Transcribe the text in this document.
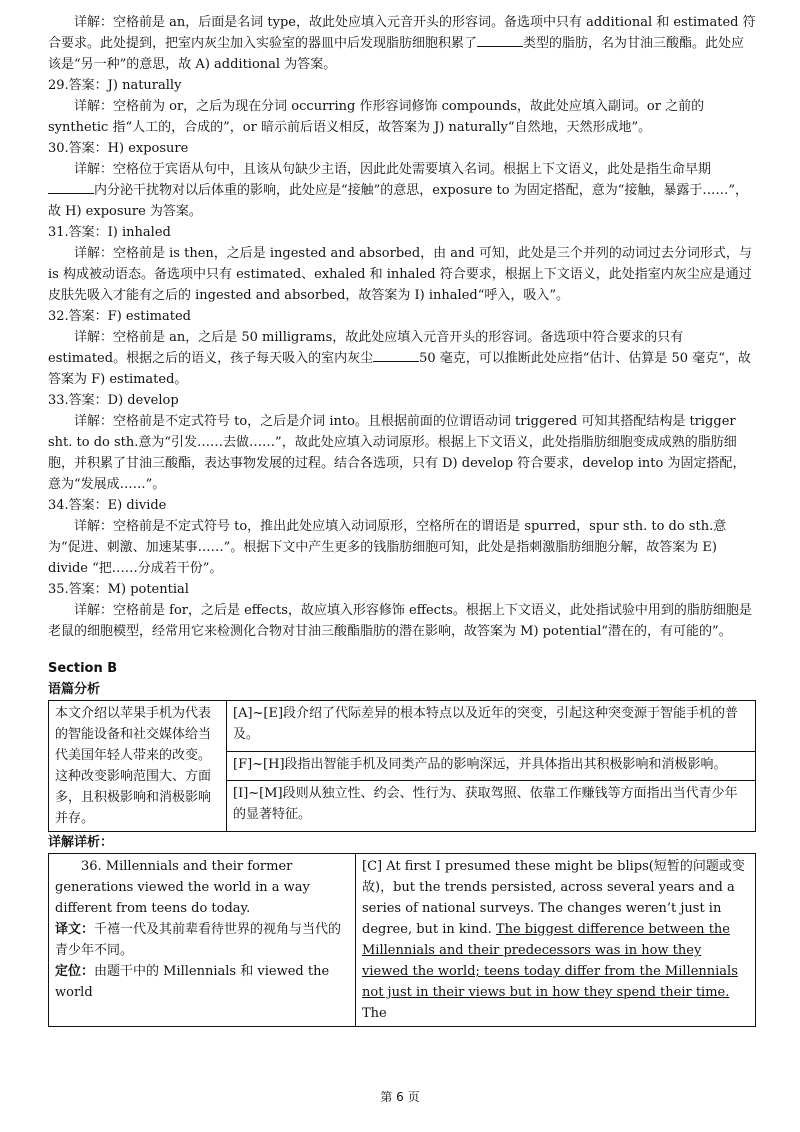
详解：空格前是 an，后面是名词 type，故此处应填入元音开头的形容词。备选项中只有 additional 和 estimated 符合要求。此处提到，把室内灰尘加入实验室的器皿中后发现脂肪细胞积累了	类型的脂肪，名为甘油三酸酯。此处应该是“另一种”的意思，故 A) additional 为答案。

29.答案：J) naturally

详解：空格前为 or，之后为现在分词 occurring 作形容词修饰 compounds，故此处应填入副词。or 之前的 synthetic 指“人工的，合成的”，or 暗示前后语义相反，故答案为 J) naturally“自然地，天然形成地”。

30.答案：H) exposure

详解：空格位于宾语从句中，且该从句缺少主语，因此此处需要填入名词。根据上下文语义，此处是指生命早期内分泌干扰物对以后体重的影响，此处应是“接触”的意思，exposure to 为固定搭配，意为“接触，暴露于……”，故 H) exposure 为答案。

31.答案：I) inhaled

详解：空格前是 is then，之后是 ingested and absorbed，由 and 可知，此处是三个并列的动词过去分词形式，与 is 构成被动语态。备选项中只有 estimated、exhaled 和 inhaled 符合要求，根据上下文语义，此处指室内灰尘应是通过皮肤先吸入才能有之后的 ingested and absorbed，故答案为 I) inhaled“呼入，吸入”。

32.答案：F) estimated

详解：空格前是 an，之后是 50 milligrams，故此处应填入元音开头的形容词。备选项中符合要求的只有 estimated。根据之后的语义，孩子每天吸入的室内灰尘	50 毫克，可以推断此处应指“估计、估算是 50 毫克“，故答案为 F) estimated。

33.答案：D) develop

详解：空格前是不定式符号 to，之后是介词 into。且根据前面的位谓语动词 triggered 可知其搭配结构是 trigger sht. to do sth.意为“引发……去做……”，故此处应填入动词原形。根据上下文语义，此处指脂肪细胞变成成熟的脂肪细胞，并积累了甘油三酸酯，表达事物发展的过程。结合各选项，只有 D) develop 符合要求，develop into 为固定搭配，意为“发展成……”。

34.答案：E) divide

详解：空格前是不定式符号 to，推出此处应填入动词原形，空格所在的谓语是 spurred，spur sth. to do sth.意为“促进、刺激、加速某事……”。根据下文中产生更多的钱脂肪细胞可知，此处是指刺激脂肪细胞分解，故答案为 E) divide “把……分成若干份”。

35.答案：M) potential

详解：空格前是 for，之后是 effects，故应填入形容修饰 effects。根据上下文语义，此处指试验中用到的脂肪细胞是老鼠的细胞模型，经常用它来检测化合物对甘油三酸酯脂肪的潜在影响，故答案为 M) potential“潜在的，有可能的”。

Section B
语篇分析
本文介绍以苹果手机为代表的智能设备和社交媒体给当代美国年轻人带来的改变。这种改变影响范围大、方面多，且积极影响和消极影响并存。	[A]~[E]段介绍了代际差异的根本特点以及近年的突变，引起这种突变源于智能手机的普及。
[F]~[H]段指出智能手机及同类产品的影响深远，并具体指出其积极影响和消极影响。
[I]~[M]段则从独立性、约会、性行为、获取驾照、依靠工作赚钱等方面指出当代青少年的显著特征。
详解详析：
36. Millennials and their former generations viewed the world in a way different from teens do today.
译文：千禧一代及其前辈看待世界的视角与当代的青少年不同。
定位：由题干中的 Millennials 和 viewed the world
	[C] At first I presumed these might be blips(短暂的问题或变故)，but the trends persisted, across several years and a series of national surveys. The changes weren’t just in degree, but in kind. The biggest difference between the Millennials and their predecessors was in how they viewed the world; teens today differ from the Millennials not just in their views but in how they spend their time. The
第 6 页
